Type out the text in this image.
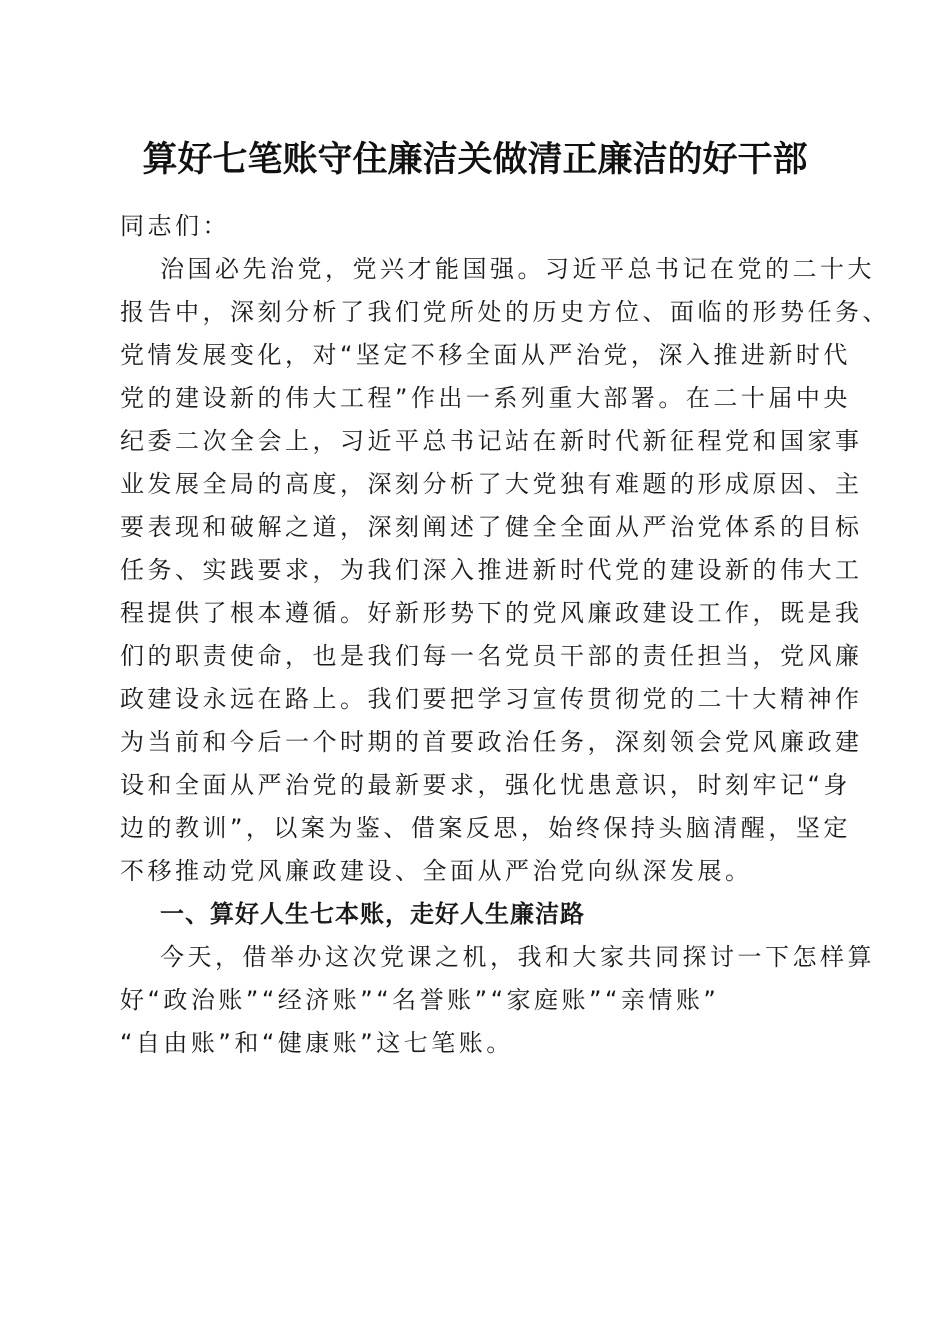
算好七笔账守住廉洁关做清正廉洁的好干部
同志们：
治国必先治党，党兴才能国强。习近平总书记在党的二十大
报告中，深刻分析了我们党所处的历史方位、面临的形势任务、
党情发展变化，对“坚定不移全面从严治党，深入推进新时代
党的建设新的伟大工程”作出一系列重大部署。在二十届中央
纪委二次全会上，习近平总书记站在新时代新征程党和国家事
业发展全局的高度，深刻分析了大党独有难题的形成原因、主
要表现和破解之道，深刻阐述了健全全面从严治党体系的目标
任务、实践要求，为我们深入推进新时代党的建设新的伟大工
程提供了根本遵循。好新形势下的党风廉政建设工作，既是我
们的职责使命，也是我们每一名党员干部的责任担当，党风廉
政建设永远在路上。我们要把学习宣传贯彻党的二十大精神作
为当前和今后一个时期的首要政治任务，深刻领会党风廉政建
设和全面从严治党的最新要求，强化忧患意识，时刻牢记“身
边的教训”，以案为鉴、借案反思，始终保持头脑清醒，坚定
不移推动党风廉政建设、全面从严治党向纵深发展。
一、算好人生七本账，走好人生廉洁路
今天，借举办这次党课之机，我和大家共同探讨一下怎样算
好“政治账”“经济账”“名誉账”“家庭账”“亲情账”
“自由账”和“健康账”这七笔账。
